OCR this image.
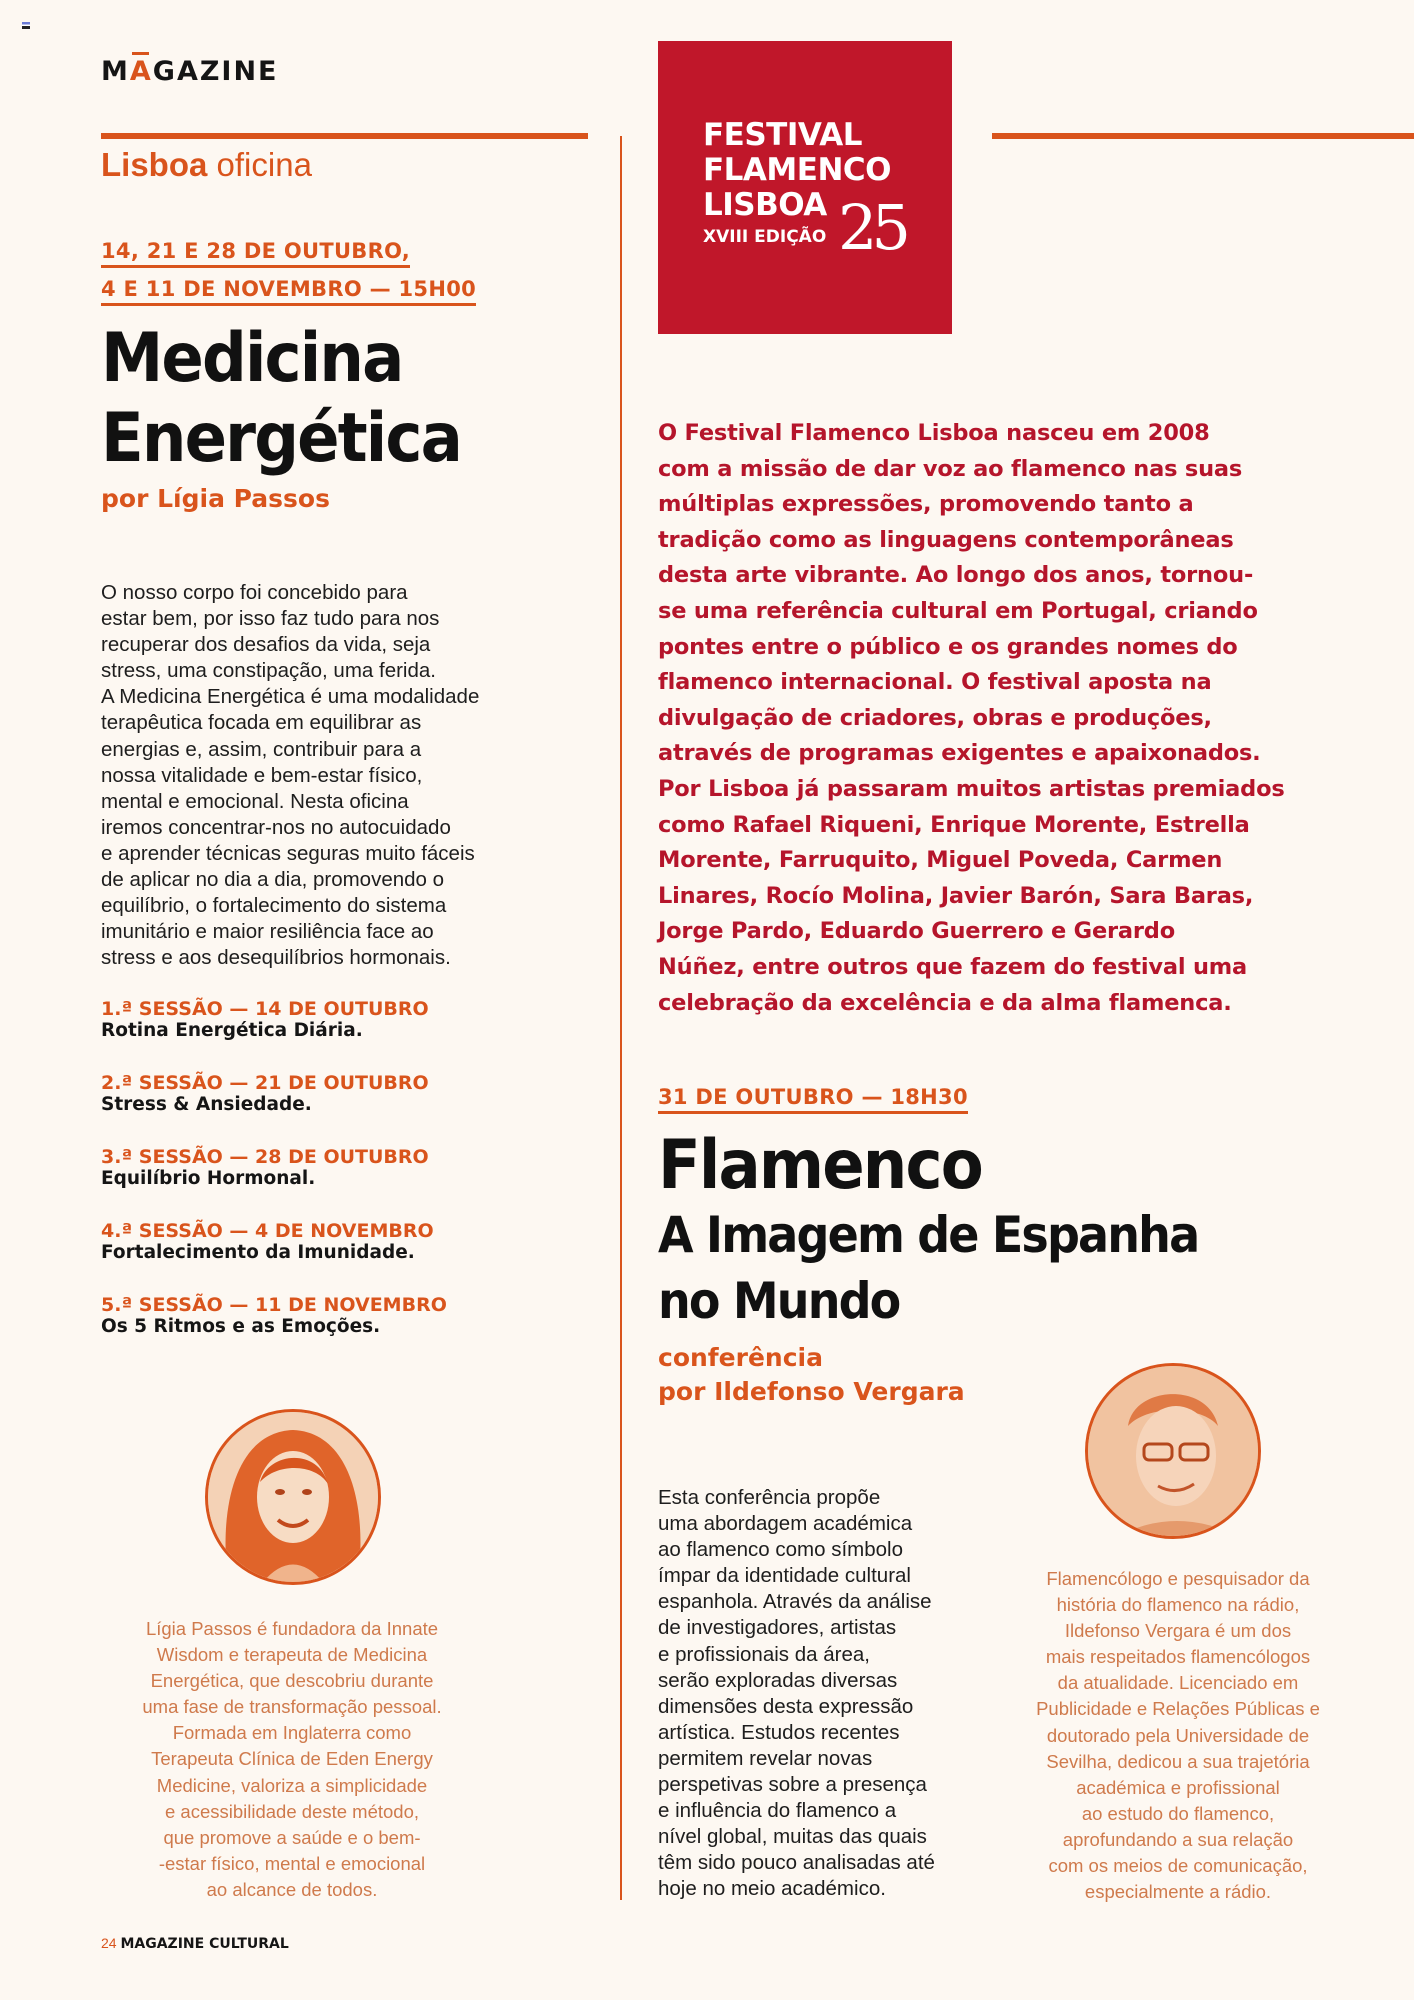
MAGAZINE
Lisboa oficina
14, 21 E 28 DE OUTUBRO,
4 E 11 DE NOVEMBRO — 15H00
Medicina
Energética
por Lígia Passos
O nosso corpo foi concebido para
estar bem, por isso faz tudo para nos
recuperar dos desafios da vida, seja
stress, uma constipação, uma ferida.
A Medicina Energética é uma modalidade
terapêutica focada em equilibrar as
energias e, assim, contribuir para a
nossa vitalidade e bem-estar físico,
mental e emocional. Nesta oficina
iremos concentrar-nos no autocuidado
e aprender técnicas seguras muito fáceis
de aplicar no dia a dia, promovendo o
equilíbrio, o fortalecimento do sistema
imunitário e maior resiliência face ao
stress e aos desequilíbrios hormonais.
1.ª SESSÃO — 14 DE OUTUBRO
Rotina Energética Diária.
2.ª SESSÃO — 21 DE OUTUBRO
Stress & Ansiedade.
3.ª SESSÃO — 28 DE OUTUBRO
Equilíbrio Hormonal.
4.ª SESSÃO — 4 DE NOVEMBRO
Fortalecimento da Imunidade.
5.ª SESSÃO — 11 DE NOVEMBRO
Os 5 Ritmos e as Emoções.
Lígia Passos é fundadora da Innate
Wisdom e terapeuta de Medicina
Energética, que descobriu durante
uma fase de transformação pessoal.
Formada em Inglaterra como
Terapeuta Clínica de Eden Energy
Medicine, valoriza a simplicidade
e acessibilidade deste método,
que promove a saúde e o bem-
-estar físico, mental e emocional
ao alcance de todos.
FESTIVAL
FLAMENCO
LISBOA
XVIII EDIÇÃO 25
O Festival Flamenco Lisboa nasceu em 2008
com a missão de dar voz ao flamenco nas suas
múltiplas expressões, promovendo tanto a
tradição como as linguagens contemporâneas
desta arte vibrante. Ao longo dos anos, tornou-
se uma referência cultural em Portugal, criando
pontes entre o público e os grandes nomes do
flamenco internacional. O festival aposta na
divulgação de criadores, obras e produções,
através de programas exigentes e apaixonados.
Por Lisboa já passaram muitos artistas premiados
como Rafael Riqueni, Enrique Morente, Estrella
Morente, Farruquito, Miguel Poveda, Carmen
Linares, Rocío Molina, Javier Barón, Sara Baras,
Jorge Pardo, Eduardo Guerrero e Gerardo
Núñez, entre outros que fazem do festival uma
celebração da excelência e da alma flamenca.
31 DE OUTUBRO — 18H30
Flamenco
A Imagem de Espanha
no Mundo
conferência
por Ildefonso Vergara
Esta conferência propõe
uma abordagem académica
ao flamenco como símbolo
ímpar da identidade cultural
espanhola. Através da análise
de investigadores, artistas
e profissionais da área,
serão exploradas diversas
dimensões desta expressão
artística. Estudos recentes
permitem revelar novas
perspetivas sobre a presença
e influência do flamenco a
nível global, muitas das quais
têm sido pouco analisadas até
hoje no meio académico.
Flamencólogo e pesquisador da
história do flamenco na rádio,
Ildefonso Vergara é um dos
mais respeitados flamencólogos
da atualidade. Licenciado em
Publicidade e Relações Públicas e
doutorado pela Universidade de
Sevilha, dedicou a sua trajetória
académica e profissional
ao estudo do flamenco,
aprofundando a sua relação
com os meios de comunicação,
especialmente a rádio.
24 MAGAZINE CULTURAL
